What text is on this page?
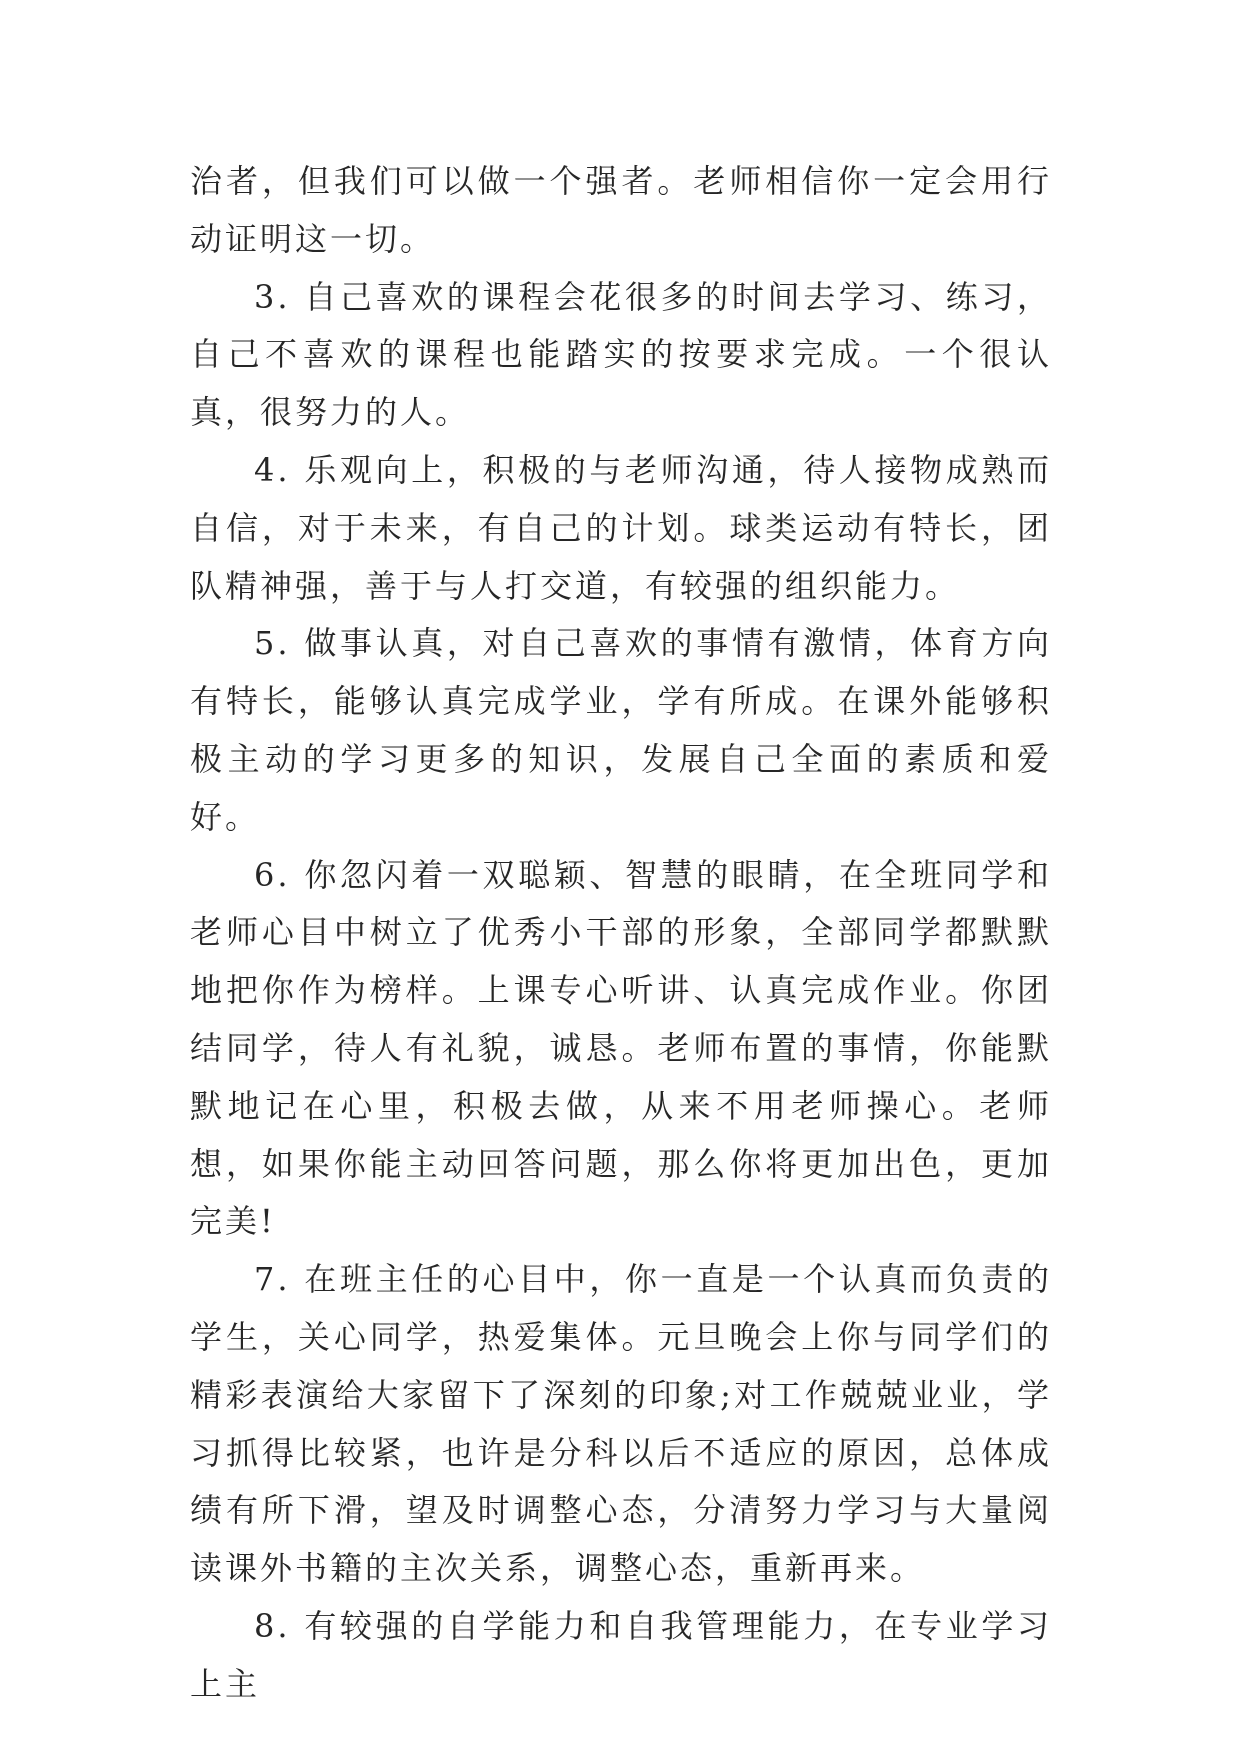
治者，但我们可以做一个强者。老师相信你一定会用行动证明这一切。

3. 自己喜欢的课程会花很多的时间去学习、练习，自己不喜欢的课程也能踏实的按要求完成。一个很认真，很努力的人。

4. 乐观向上，积极的与老师沟通，待人接物成熟而自信，对于未来，有自己的计划。球类运动有特长，团队精神强，善于与人打交道，有较强的组织能力。

5. 做事认真，对自己喜欢的事情有激情，体育方向有特长，能够认真完成学业，学有所成。在课外能够积极主动的学习更多的知识，发展自己全面的素质和爱好。

6. 你忽闪着一双聪颖、智慧的眼睛，在全班同学和老师心目中树立了优秀小干部的形象，全部同学都默默地把你作为榜样。上课专心听讲、认真完成作业。你团结同学，待人有礼貌，诚恳。老师布置的事情，你能默默地记在心里，积极去做，从来不用老师操心。老师想，如果你能主动回答问题，那么你将更加出色，更加完美!

7. 在班主任的心目中，你一直是一个认真而负责的学生，关心同学，热爱集体。元旦晚会上你与同学们的精彩表演给大家留下了深刻的印象;对工作兢兢业业，学习抓得比较紧，也许是分科以后不适应的原因，总体成绩有所下滑，望及时调整心态，分清努力学习与大量阅读课外书籍的主次关系，调整心态，重新再来。

8. 有较强的自学能力和自我管理能力，在专业学习上主
